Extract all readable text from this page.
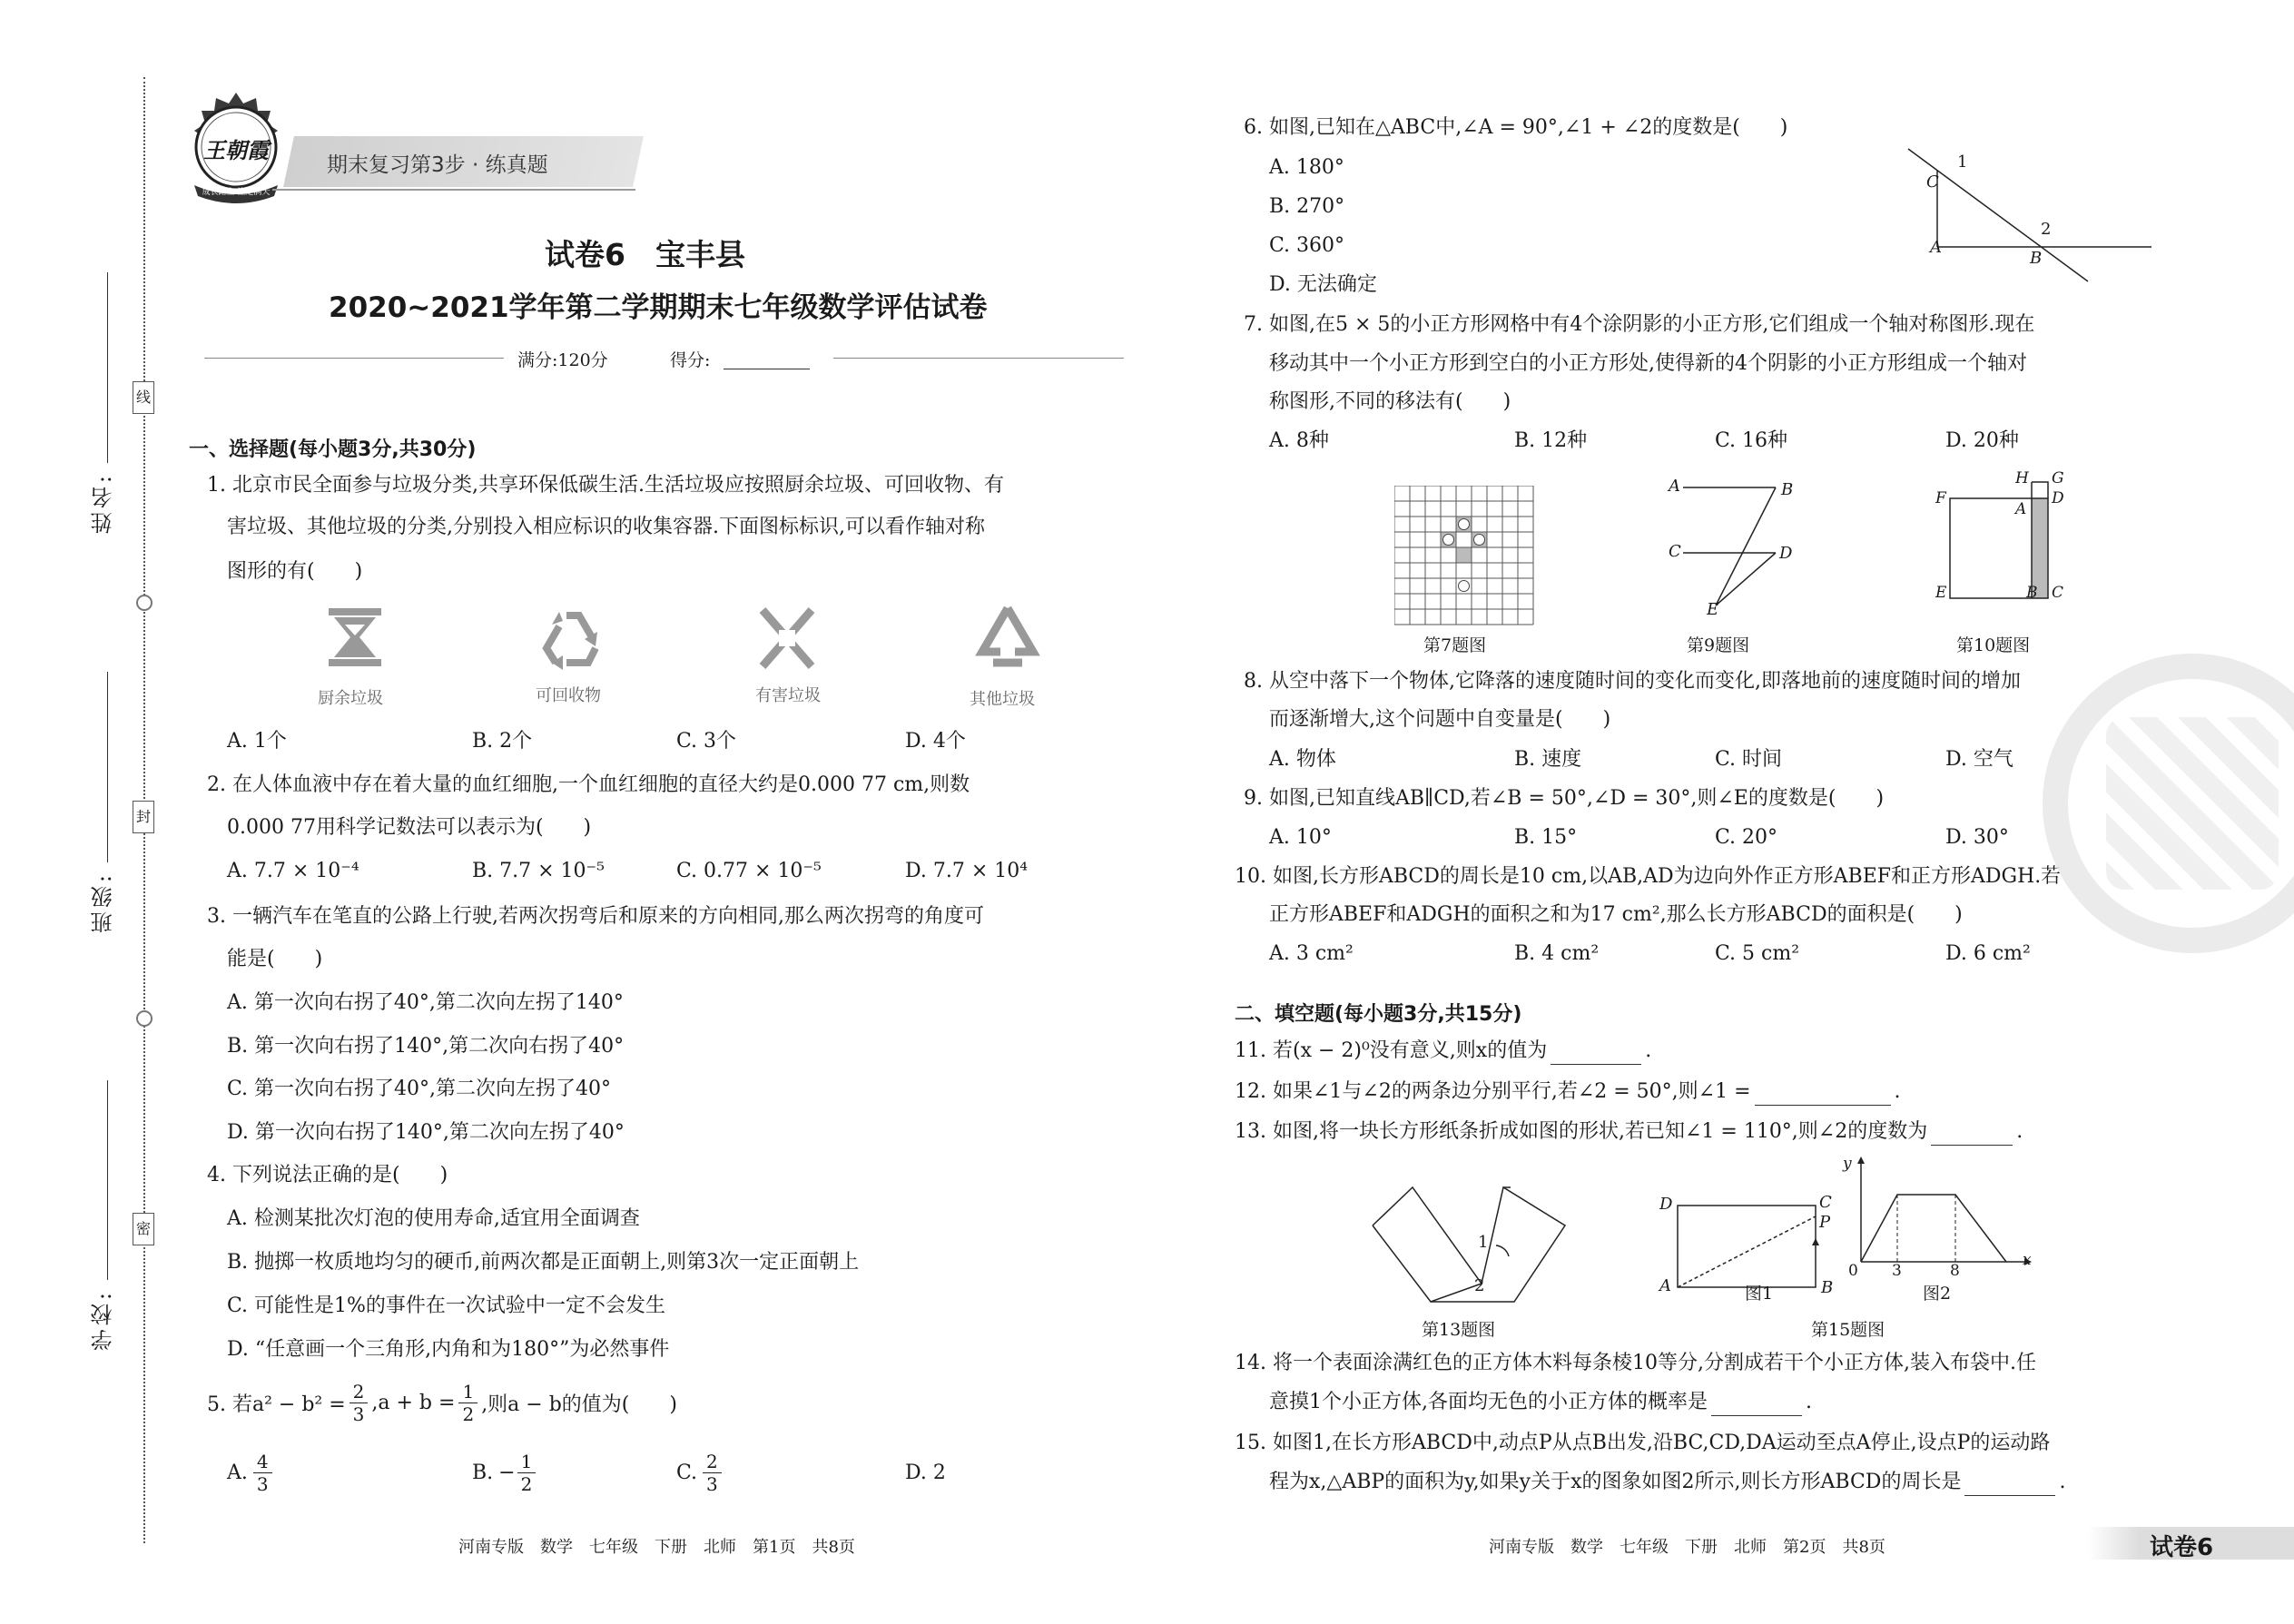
线
封
密
姓名:
班级:
学校:
王朝霞
成长路上 注定满天
期末复习第3步 · 练真题
试卷6　宝丰县
2020~2021学年第二学期期末七年级数学评估试卷
满分:120分	得分:
一、选择题(每小题3分,共30分)
1. 北京市民全面参与垃圾分类,共享环保低碳生活.生活垃圾应按照厨余垃圾、可回收物、有
害垃圾、其他垃圾的分类,分别投入相应标识的收集容器.下面图标标识,可以看作轴对称
图形的有(　　)
厨余垃圾	可回收物	有害垃圾	其他垃圾
A. 1个	B. 2个	C. 3个	D. 4个
2. 在人体血液中存在着大量的血红细胞,一个血红细胞的直径大约是0.000 77 cm,则数
0.000 77用科学记数法可以表示为(　　)
A. 7.7 × 10⁻⁴	B. 7.7 × 10⁻⁵	C. 0.77 × 10⁻⁵	D. 7.7 × 10⁴
3. 一辆汽车在笔直的公路上行驶,若两次拐弯后和原来的方向相同,那么两次拐弯的角度可
能是(　　)
A. 第一次向右拐了40°,第二次向左拐了140°
B. 第一次向右拐了140°,第二次向右拐了40°
C. 第一次向右拐了40°,第二次向左拐了40°
D. 第一次向右拐了140°,第二次向左拐了40°
4. 下列说法正确的是(　　)
A. 检测某批次灯泡的使用寿命,适宜用全面调查
B. 抛掷一枚质地均匀的硬币,前两次都是正面朝上,则第3次一定正面朝上
C. 可能性是1%的事件在一次试验中一定不会发生
D. “任意画一个三角形,内角和为180°”为必然事件
5. 若$a^2 - b^2 = \frac{2}{3} ,a + b = \frac{1}{2}$ ,则a − b的值为(　　)
A. $\frac{4}{3}$	B. − $\frac{1}{2}$	C. $\frac{2}{3}$	D. 2
河南专版　数学　七年级　下册　北师　第1页　共8页
6. 如图,已知在△ABC中,∠A = 90°,∠1 + ∠2的度数是(　　)
A. 180°
B. 270°
C. 360°
D. 无法确定
1
C
2
A
B
7. 如图,在5 × 5的小正方形网格中有4个涂阴影的小正方形,它们组成一个轴对称图形.现在
移动其中一个小正方形到空白的小正方形处,使得新的4个阴影的小正方形组成一个轴对
称图形,不同的移法有(　　)
A. 8种	B. 12种	C. 16种	D. 20种
第7题图
A	B
C	D
E
第9题图
H G
F
A
D
E	B C
第10题图
8. 从空中落下一个物体,它降落的速度随时间的变化而变化,即落地前的速度随时间的增加
而逐渐增大,这个问题中自变量是(　　)
A. 物体	B. 速度	C. 时间	D. 空气
9. 如图,已知直线AB∥CD,若∠B = 50°,∠D = 30°,则∠E的度数是(　　)
A. 10°	B. 15°	C. 20°	D. 30°
10. 如图,长方形ABCD的周长是10 cm,以AB,AD为边向外作正方形ABEF和正方形ADGH.若
正方形ABEF和ADGH的面积之和为17 cm²,那么长方形ABCD的面积是(　　)
A. 3 cm²	B. 4 cm²	C. 5 cm²	D. 6 cm²
二、填空题(每小题3分,共15分)
11. 若(x − 2)⁰没有意义,则x的值为	.
12. 如果∠1与∠2的两条边分别平行,若∠2 = 50°,则∠1 =	.
13. 如图,将一块长方形纸条折成如图的形状,若已知∠1 = 110°,则∠2的度数为	.
1
2
第13题图
D	C
P
A	B
图1
y
x
0 3	8
图2
第15题图
14. 将一个表面涂满红色的正方体木料每条棱10等分,分割成若干个小正方体,装入布袋中.任
意摸1个小正方体,各面均无色的小正方体的概率是	.
15. 如图1,在长方形ABCD中,动点P从点B出发,沿BC,CD,DA运动至点A停止,设点P的运动路
程为x,△ABP的面积为y,如果y关于x的图象如图2所示,则长方形ABCD的周长是	.
河南专版　数学　七年级　下册　北师　第2页　共8页	试卷6
